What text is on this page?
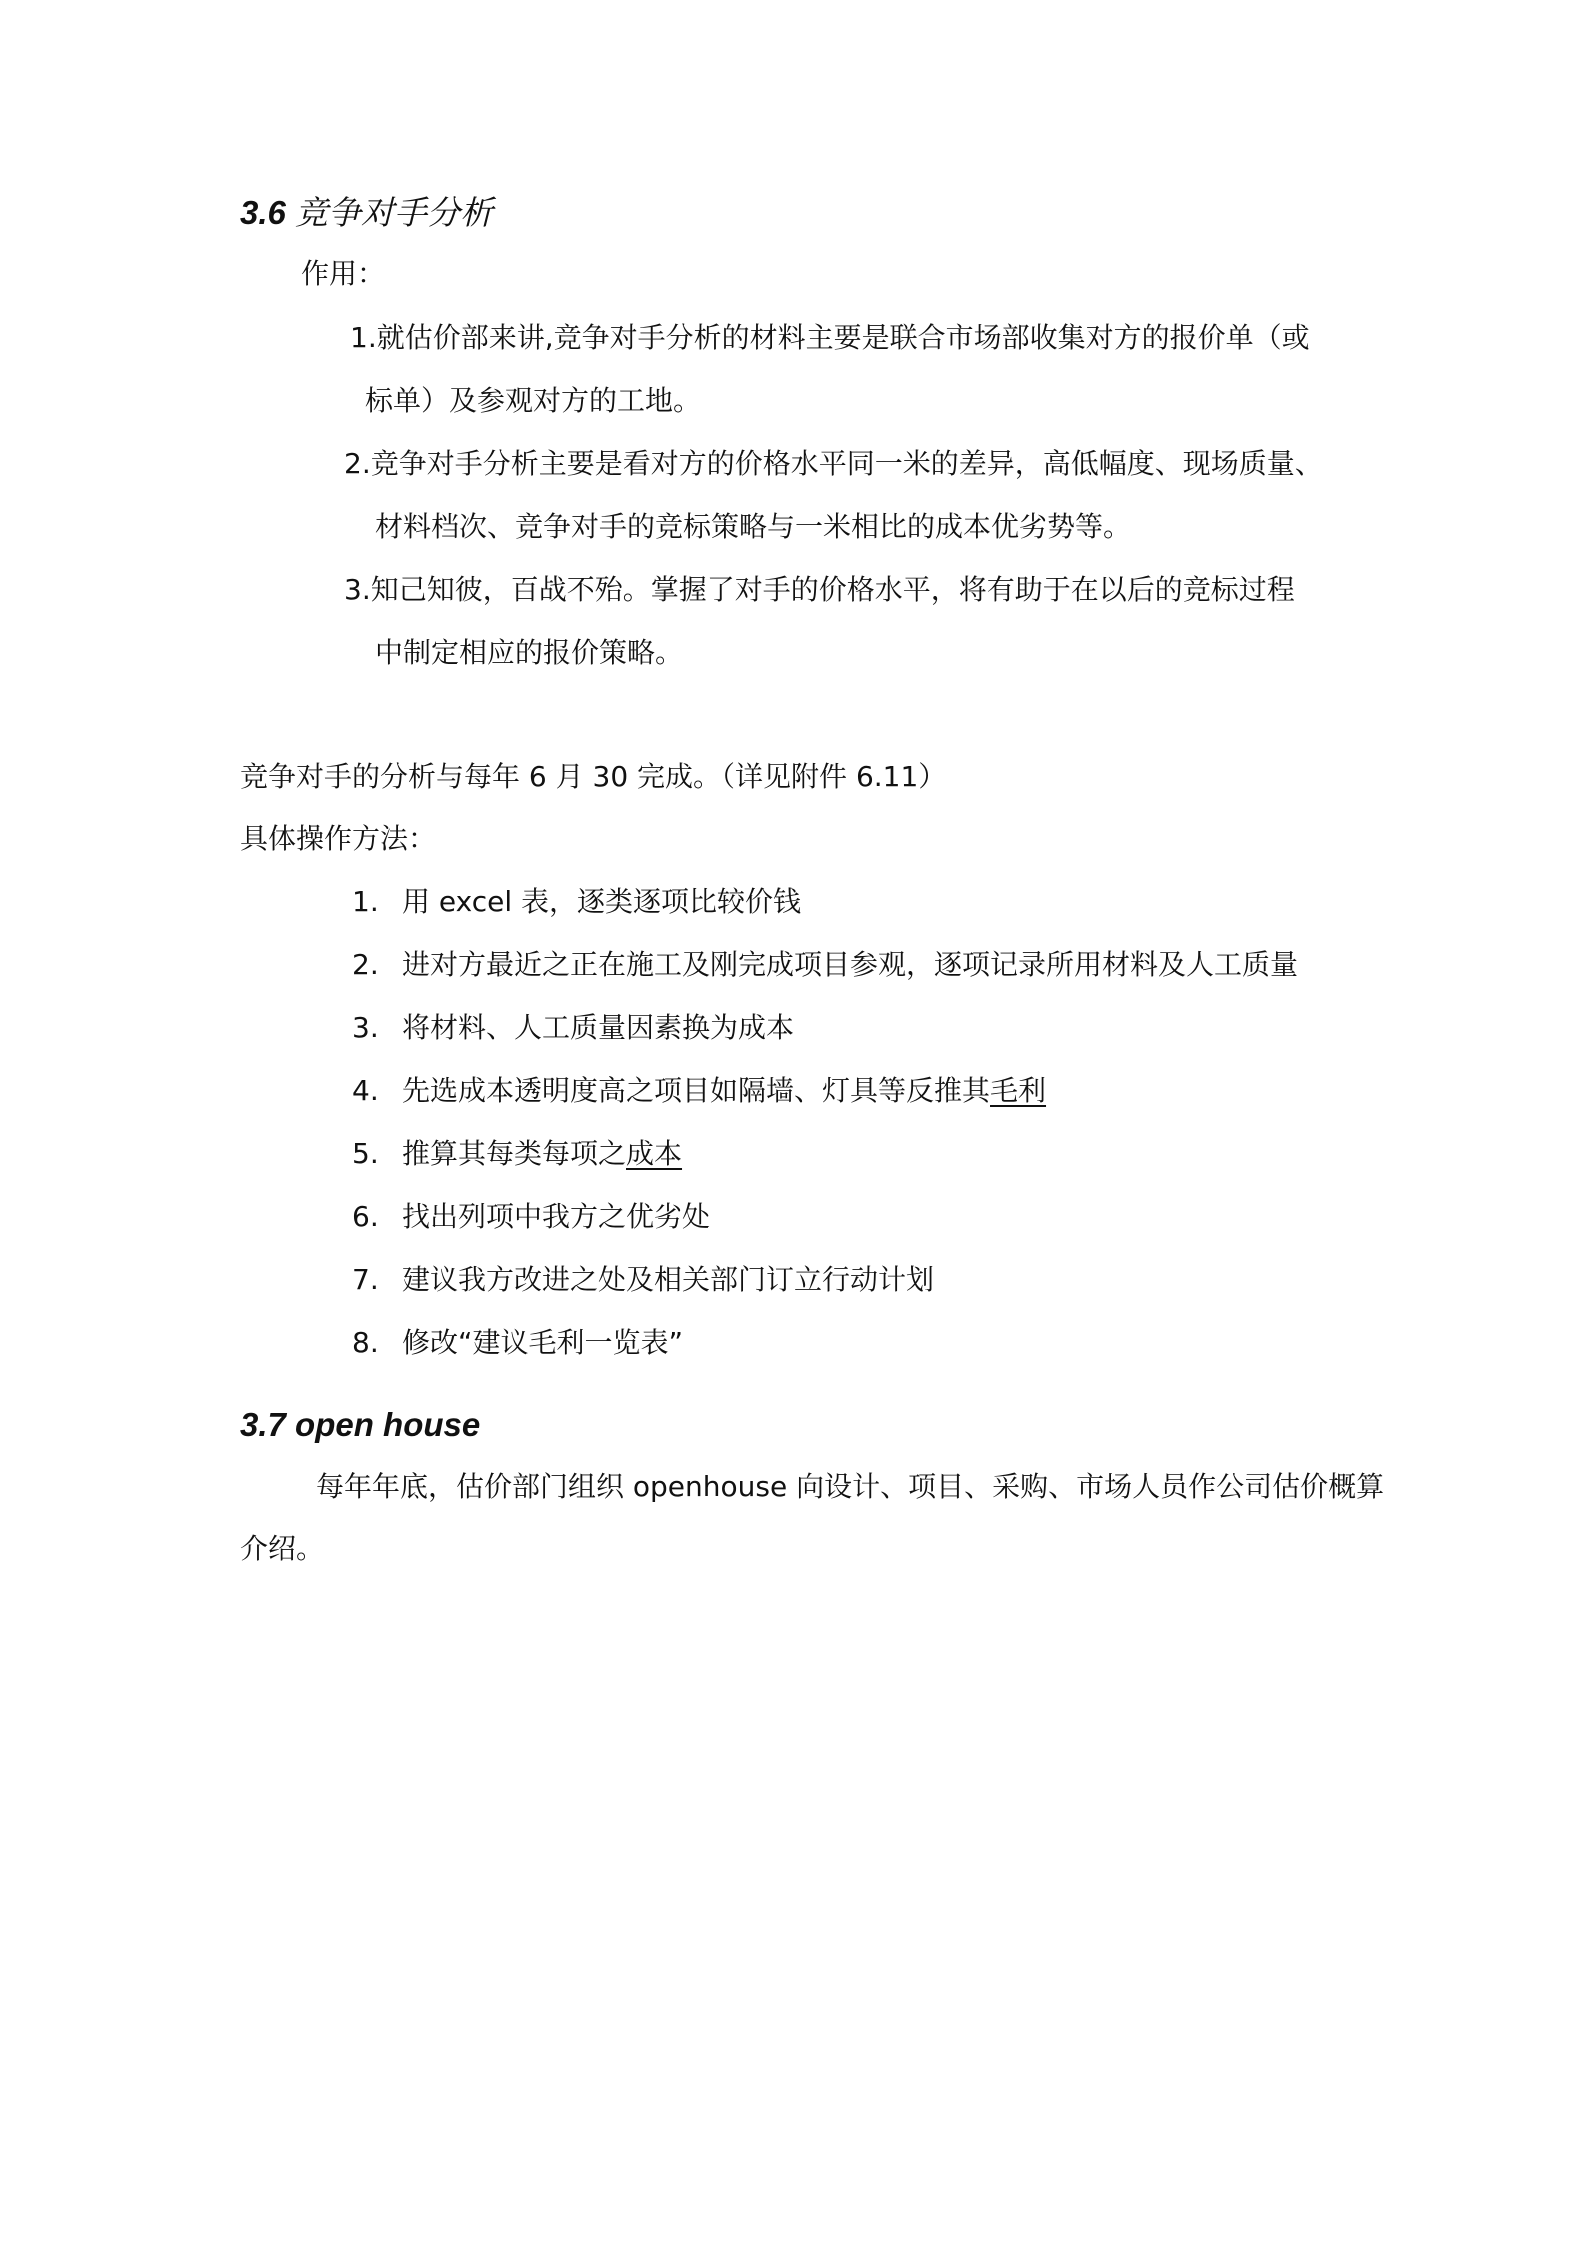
3.6 竞争对手分析

作用：

1.就估价部来讲,竞争对手分析的材料主要是联合市场部收集对方的报价单（或

标单）及参观对方的工地。

2.竞争对手分析主要是看对方的价格水平同一米的差异，高低幅度、现场质量、

材料档次、竞争对手的竞标策略与一米相比的成本优劣势等。

3.知己知彼，百战不殆。掌握了对手的价格水平，将有助于在以后的竞标过程

中制定相应的报价策略。

竞争对手的分析与每年 6 月 30 完成。（详见附件 6.11）

具体操作方法：

1. 用 excel 表，逐类逐项比较价钱

2. 进对方最近之正在施工及刚完成项目参观，逐项记录所用材料及人工质量

3. 将材料、人工质量因素换为成本

4. 先选成本透明度高之项目如隔墙、灯具等反推其毛利

5. 推算其每类每项之成本

6. 找出列项中我方之优劣处

7. 建议我方改进之处及相关部门订立行动计划

8. 修改“建议毛利一览表”

3.7 open house

每年年底，估价部门组织 openhouse 向设计、项目、采购、市场人员作公司估价概算

介绍。
